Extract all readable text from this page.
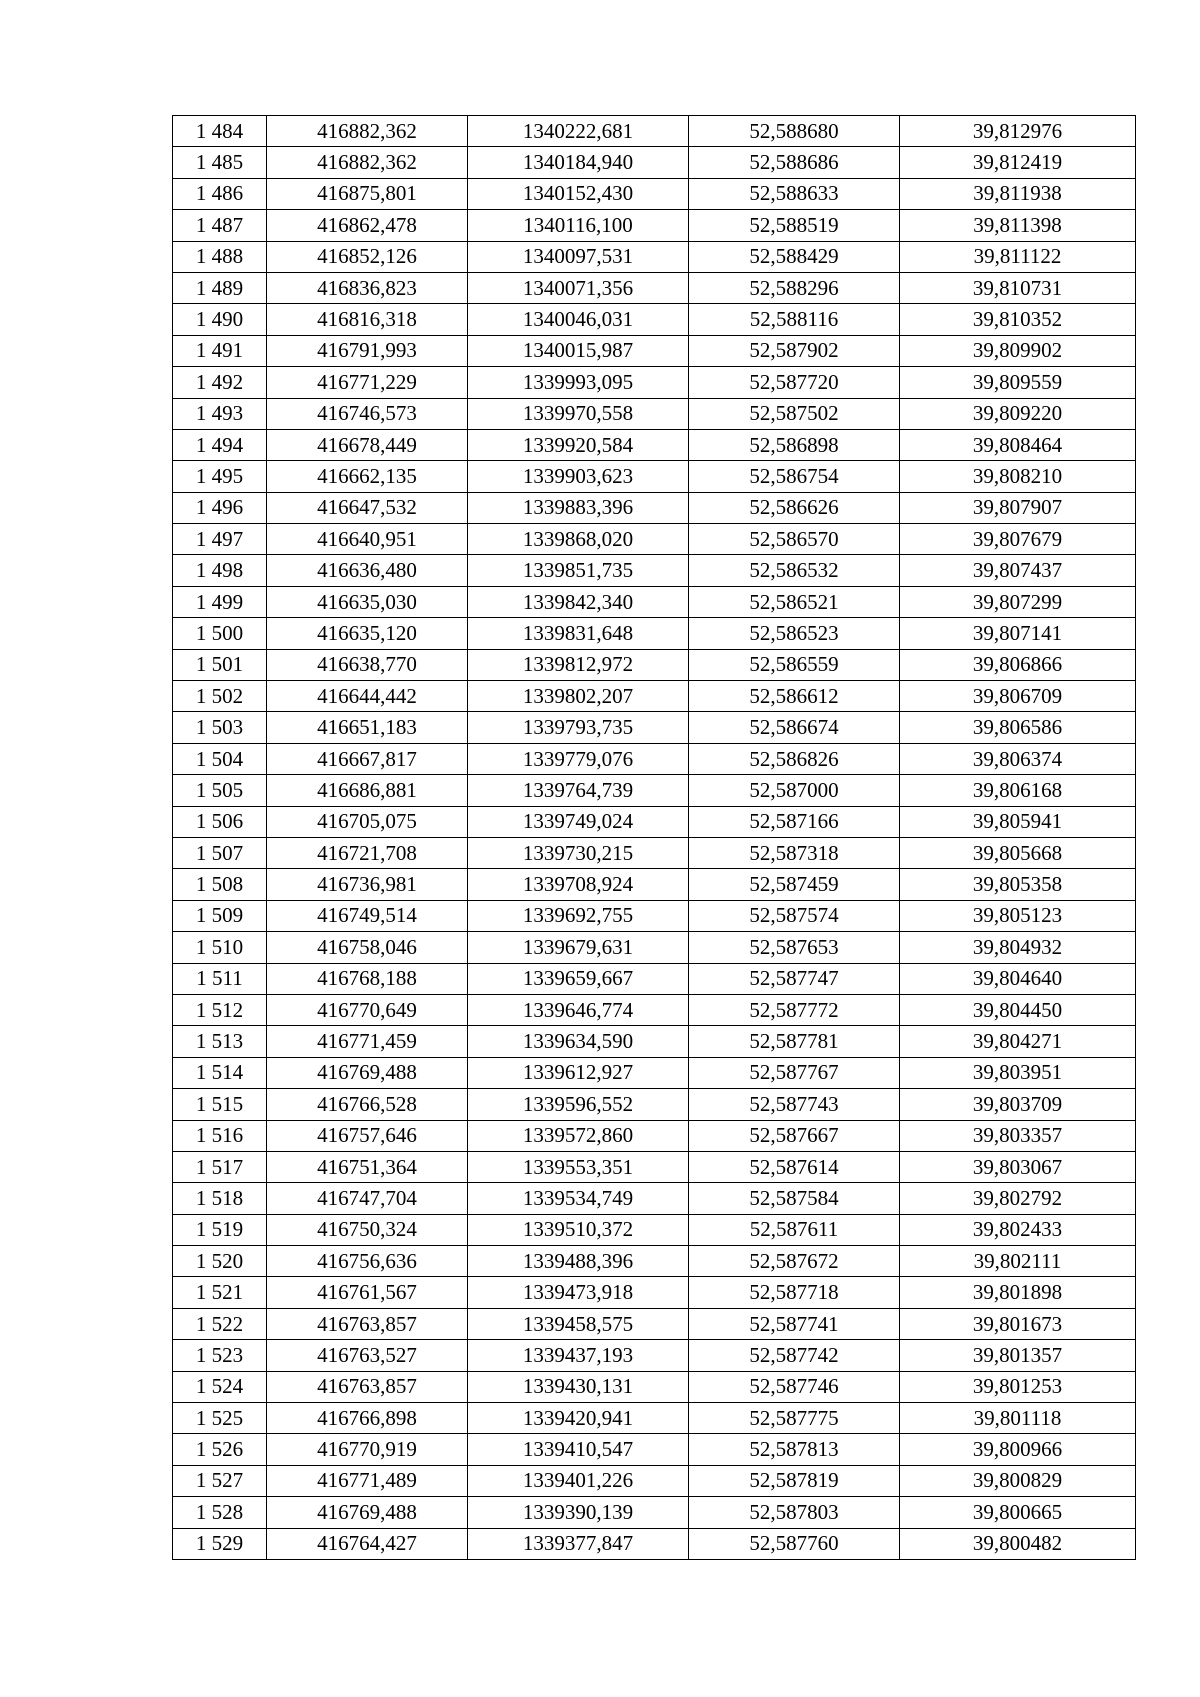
1 484	416882,362	1340222,681	52,588680	39,812976
1 485	416882,362	1340184,940	52,588686	39,812419
1 486	416875,801	1340152,430	52,588633	39,811938
1 487	416862,478	1340116,100	52,588519	39,811398
1 488	416852,126	1340097,531	52,588429	39,811122
1 489	416836,823	1340071,356	52,588296	39,810731
1 490	416816,318	1340046,031	52,588116	39,810352
1 491	416791,993	1340015,987	52,587902	39,809902
1 492	416771,229	1339993,095	52,587720	39,809559
1 493	416746,573	1339970,558	52,587502	39,809220
1 494	416678,449	1339920,584	52,586898	39,808464
1 495	416662,135	1339903,623	52,586754	39,808210
1 496	416647,532	1339883,396	52,586626	39,807907
1 497	416640,951	1339868,020	52,586570	39,807679
1 498	416636,480	1339851,735	52,586532	39,807437
1 499	416635,030	1339842,340	52,586521	39,807299
1 500	416635,120	1339831,648	52,586523	39,807141
1 501	416638,770	1339812,972	52,586559	39,806866
1 502	416644,442	1339802,207	52,586612	39,806709
1 503	416651,183	1339793,735	52,586674	39,806586
1 504	416667,817	1339779,076	52,586826	39,806374
1 505	416686,881	1339764,739	52,587000	39,806168
1 506	416705,075	1339749,024	52,587166	39,805941
1 507	416721,708	1339730,215	52,587318	39,805668
1 508	416736,981	1339708,924	52,587459	39,805358
1 509	416749,514	1339692,755	52,587574	39,805123
1 510	416758,046	1339679,631	52,587653	39,804932
1 511	416768,188	1339659,667	52,587747	39,804640
1 512	416770,649	1339646,774	52,587772	39,804450
1 513	416771,459	1339634,590	52,587781	39,804271
1 514	416769,488	1339612,927	52,587767	39,803951
1 515	416766,528	1339596,552	52,587743	39,803709
1 516	416757,646	1339572,860	52,587667	39,803357
1 517	416751,364	1339553,351	52,587614	39,803067
1 518	416747,704	1339534,749	52,587584	39,802792
1 519	416750,324	1339510,372	52,587611	39,802433
1 520	416756,636	1339488,396	52,587672	39,802111
1 521	416761,567	1339473,918	52,587718	39,801898
1 522	416763,857	1339458,575	52,587741	39,801673
1 523	416763,527	1339437,193	52,587742	39,801357
1 524	416763,857	1339430,131	52,587746	39,801253
1 525	416766,898	1339420,941	52,587775	39,801118
1 526	416770,919	1339410,547	52,587813	39,800966
1 527	416771,489	1339401,226	52,587819	39,800829
1 528	416769,488	1339390,139	52,587803	39,800665
1 529	416764,427	1339377,847	52,587760	39,800482
